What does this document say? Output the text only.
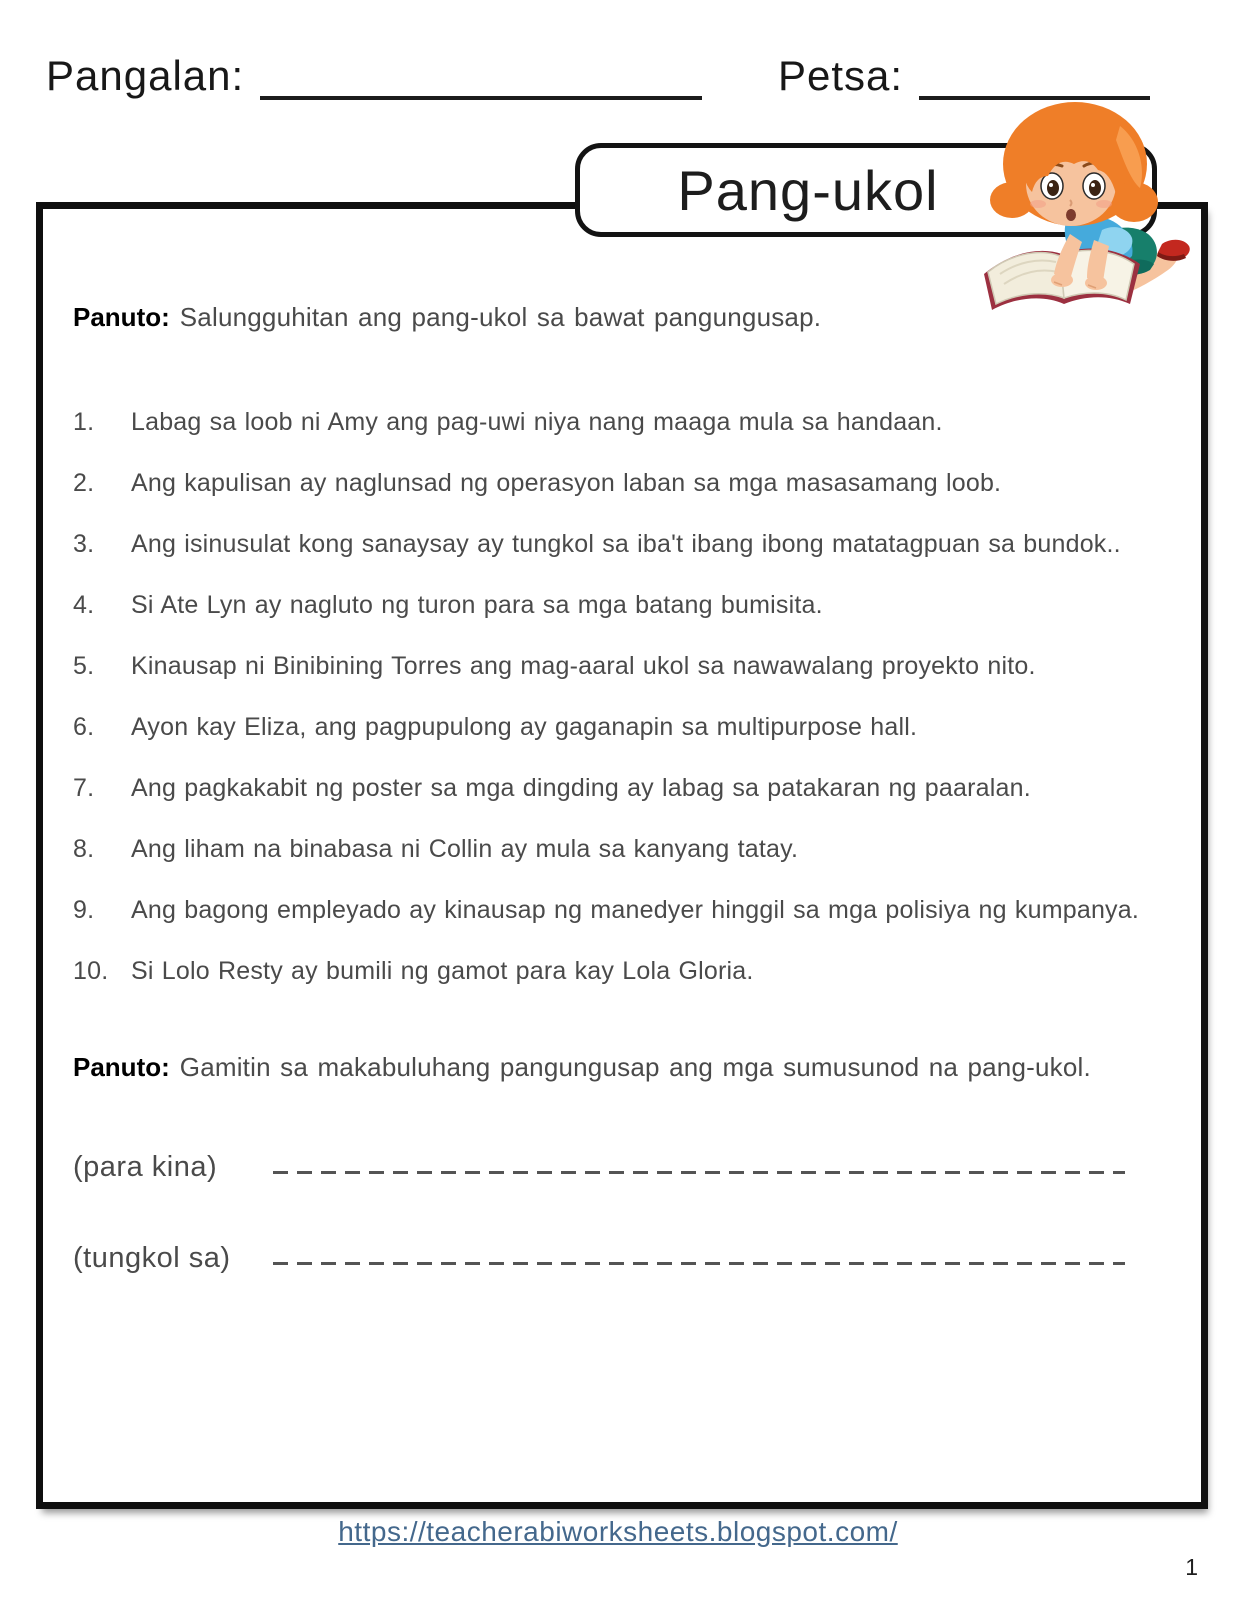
Pangalan:	Petsa:
Pang-ukol
Panuto: Salungguhitan ang pang-ukol sa bawat pangungusap.
1.	Labag sa loob ni Amy ang pag-uwi niya nang maaga mula sa handaan.
2.	Ang kapulisan ay naglunsad ng operasyon laban sa mga masasamang loob.
3.	Ang isinusulat kong sanaysay ay tungkol sa iba't ibang ibong matatagpuan sa bundok..
4.	Si Ate Lyn ay nagluto ng turon para sa mga batang bumisita.
5.	Kinausap ni Binibining Torres ang mag-aaral ukol sa nawawalang proyekto nito.
6.	Ayon kay Eliza, ang pagpupulong ay gaganapin sa multipurpose hall.
7.	Ang pagkakabit ng poster sa mga dingding ay labag sa patakaran ng paaralan.
8.	Ang liham na binabasa ni Collin ay mula sa kanyang tatay.
9.	Ang bagong empleyado ay kinausap ng manedyer hinggil sa mga polisiya ng kumpanya.
10. Si Lolo Resty ay bumili ng gamot para kay Lola Gloria.
Panuto: Gamitin sa makabuluhang pangungusap ang mga sumusunod na pang-ukol.
(para kina)
(tungkol sa)
https://teacherabiworksheets.blogspot.com/
1
